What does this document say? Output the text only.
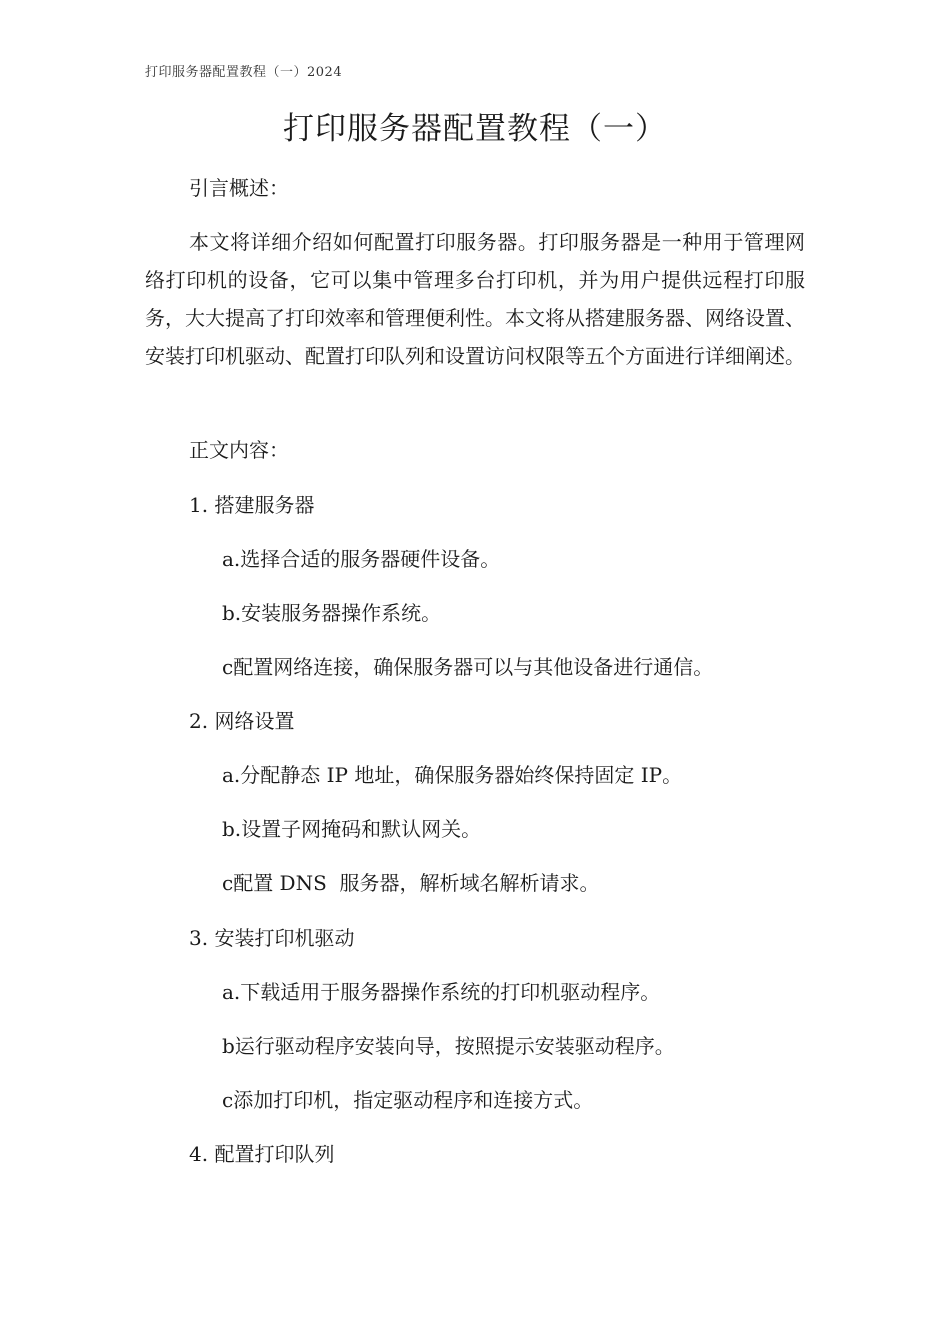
打印服务器配置教程（一）2024
打印服务器配置教程（一）
引言概述：
本文将详细介绍如何配置打印服务器。打印服务器是一种用于管理网络打印机的设备，它可以集中管理多台打印机，并为用户提供远程打印服务，大大提高了打印效率和管理便利性。本文将从搭建服务器、网络设置、安装打印机驱动、配置打印队列和设置访问权限等五个方面进行详细阐述。
正文内容：
1. 搭建服务器
a.选择合适的服务器硬件设备。
b.安装服务器操作系统。
c配置网络连接，确保服务器可以与其他设备进行通信。
2. 网络设置
a.分配静态 IP 地址，确保服务器始终保持固定 IP。
b.设置子网掩码和默认网关。
c配置 DNS  服务器，解析域名解析请求。
3. 安装打印机驱动
a.下载适用于服务器操作系统的打印机驱动程序。
b运行驱动程序安装向导，按照提示安装驱动程序。
c添加打印机，指定驱动程序和连接方式。
4. 配置打印队列
